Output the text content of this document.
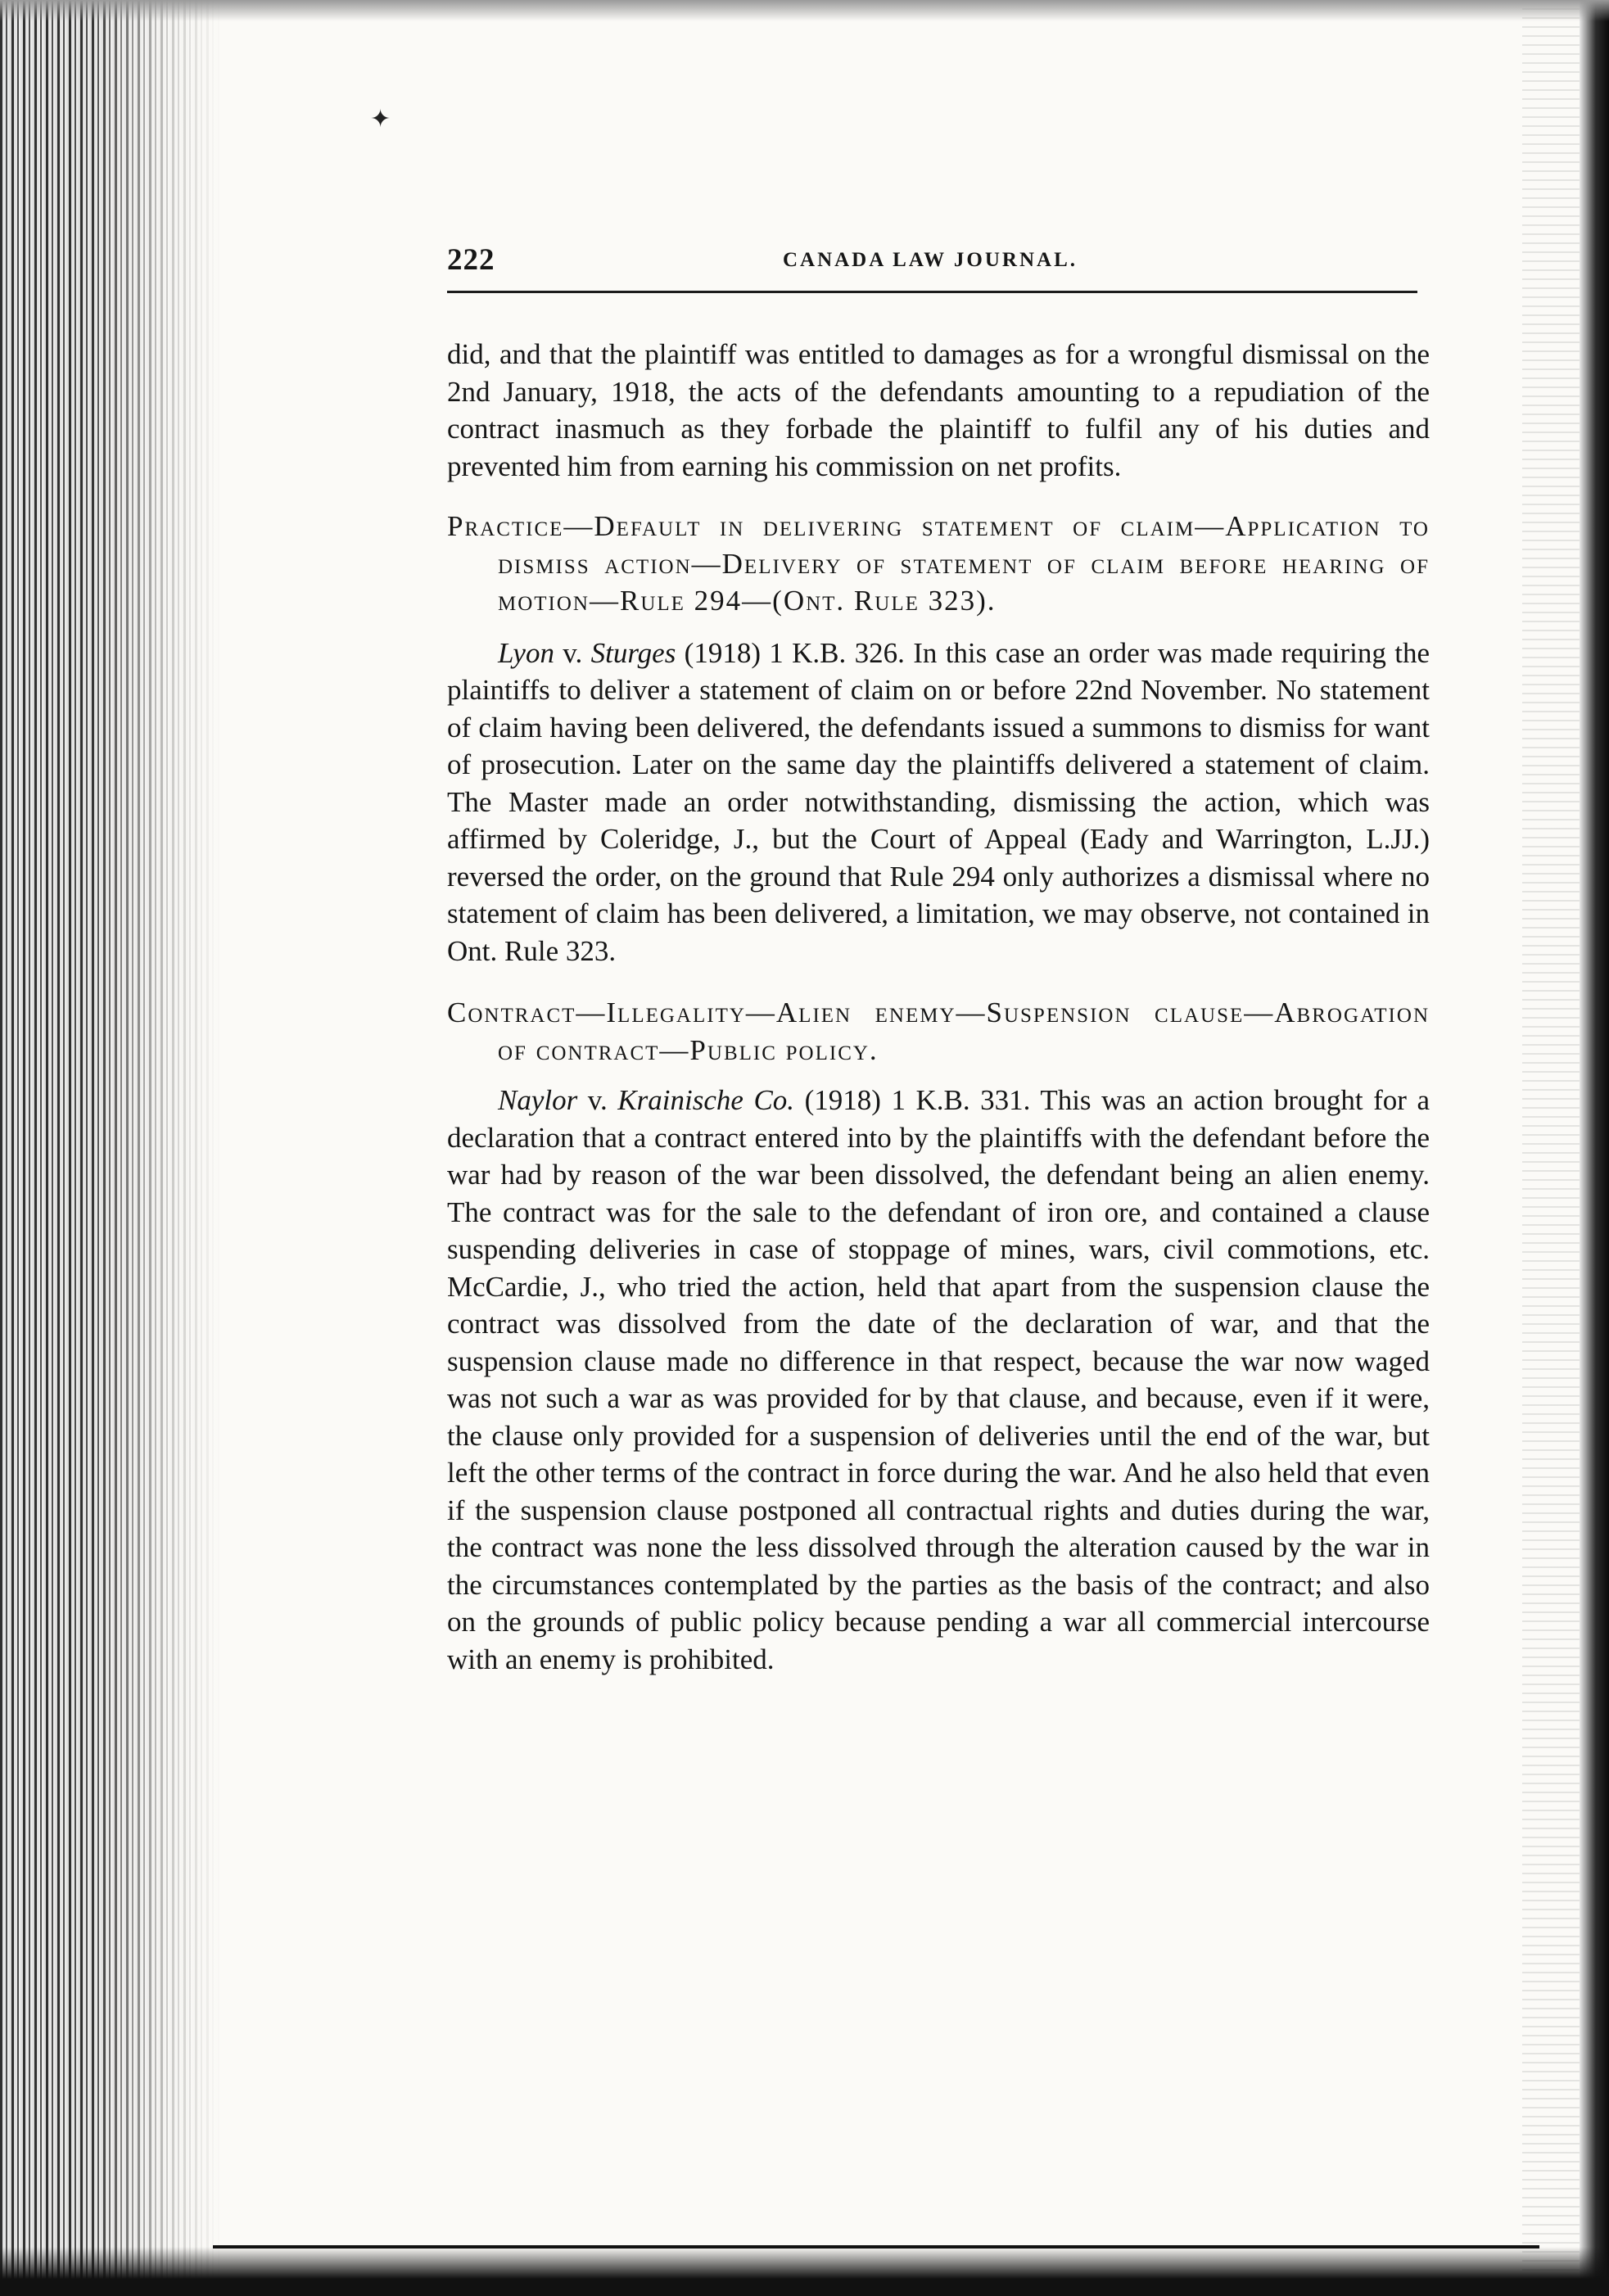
✦
222	CANADA LAW JOURNAL.

did, and that the plaintiff was entitled to damages as for a wrongful dismissal on the 2nd January, 1918, the acts of the defendants amounting to a repudiation of the contract inasmuch as they forbade the plaintiff to fulfil any of his duties and prevented him from earning his commission on net profits.

Practice—Default in delivering statement of claim—Application to dismiss action—Delivery of statement of claim before hearing of motion—Rule 294—(Ont. Rule 323).

Lyon v. Sturges (1918) 1 K.B. 326. In this case an order was made requiring the plaintiffs to deliver a statement of claim on or before 22nd November. No statement of claim having been delivered, the defendants issued a summons to dismiss for want of prosecution. Later on the same day the plaintiffs delivered a statement of claim. The Master made an order notwithstanding, dismissing the action, which was affirmed by Coleridge, J., but the Court of Appeal (Eady and Warrington, L.JJ.) reversed the order, on the ground that Rule 294 only authorizes a dismissal where no statement of claim has been delivered, a limitation, we may observe, not contained in Ont. Rule 323.

Contract—Illegality—Alien enemy—Suspension clause—Abrogation of contract—Public policy.

Naylor v. Krainische Co. (1918) 1 K.B. 331. This was an action brought for a declaration that a contract entered into by the plaintiffs with the defendant before the war had by reason of the war been dissolved, the defendant being an alien enemy. The contract was for the sale to the defendant of iron ore, and contained a clause suspending deliveries in case of stoppage of mines, wars, civil commotions, etc. McCardie, J., who tried the action, held that apart from the suspension clause the contract was dissolved from the date of the declaration of war, and that the suspension clause made no difference in that respect, because the war now waged was not such a war as was provided for by that clause, and because, even if it were, the clause only provided for a suspension of deliveries until the end of the war, but left the other terms of the contract in force during the war. And he also held that even if the suspension clause postponed all contractual rights and duties during the war, the contract was none the less dissolved through the alteration caused by the war in the circumstances contemplated by the parties as the basis of the contract; and also on the grounds of public policy because pending a war all commercial intercourse with an enemy is prohibited.
